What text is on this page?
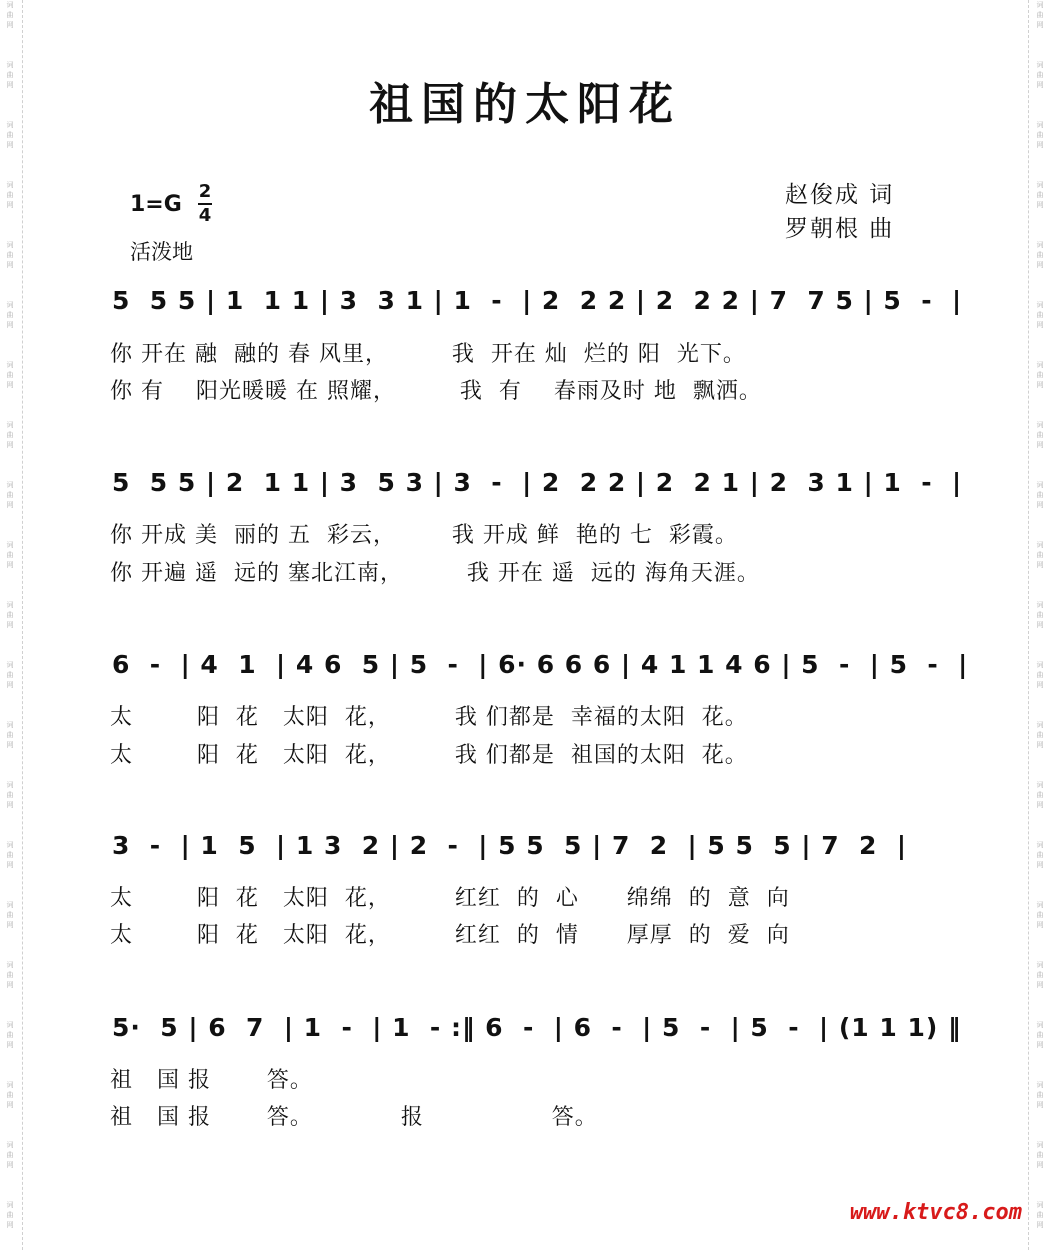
词
曲
网
词
曲
网
词
曲
网
词
曲
网
词
曲
网
词
曲
网
词
曲
网
词
曲
网
词
曲
网
词
曲
网
词
曲
网
词
曲
网
词
曲
网
词
曲
网
词
曲
网
词
曲
网
词
曲
网
词
曲
网
词
曲
网
词
曲
网
词
曲
网
词
曲
网
词
曲
网
词
曲
网
词
曲
网
词
曲
网
词
曲
网
词
曲
网
词
曲
网
词
曲
网
词
曲
网
词
曲
网
词
曲
网
词
曲
网
词
曲
网
词
曲
网
词
曲
网
词
曲
网
词
曲
网
词
曲
网
词
曲
网
词
曲
网
祖国的太阳花
1=G
2
4
活泼地
赵俊成 词
罗朝根 曲
5  5 5 | 1  1 1 | 3  3 1 | 1  -  | 2  2 2 | 2  2 2 | 7  7 5 | 5  -  |
你 开在 融  融的 春 风里，        我  开在 灿  烂的 阳  光下。
你 有    阳光暖暖 在 照耀，        我  有    春雨及时 地  飘洒。
5  5 5 | 2  1 1 | 3  5 3 | 3  -  | 2  2 2 | 2  2 1 | 2  3 1 | 1  -  |
你 开成 美  丽的 五  彩云，       我 开成 鲜  艳的 七  彩霞。
你 开遍 遥  远的 塞北江南，        我 开在 遥  远的 海角天涯。
6  -  | 4  1  | 4 6  5 | 5  -  | 6· 6 6 6 | 4 1 1 4 6 | 5  -  | 5  -  |
太        阳  花   太阳  花，        我 们都是  幸福的太阳  花。
太        阳  花   太阳  花，        我 们都是  祖国的太阳  花。
3  -  | 1  5  | 1 3  2 | 2  -  | 5 5  5 | 7  2  | 5 5  5 | 7  2  |
太        阳  花   太阳  花，        红红  的  心      绵绵  的  意  向
太        阳  花   太阳  花，        红红  的  情      厚厚  的  爱  向
5·  5 | 6  7  | 1  -  | 1  - :‖ 6  -  | 6  -  | 5  -  | 5  -  | (1 1 1) ‖
祖   国 报       答。
祖   国 报       答。           报                答。
www.ktvc8.com
